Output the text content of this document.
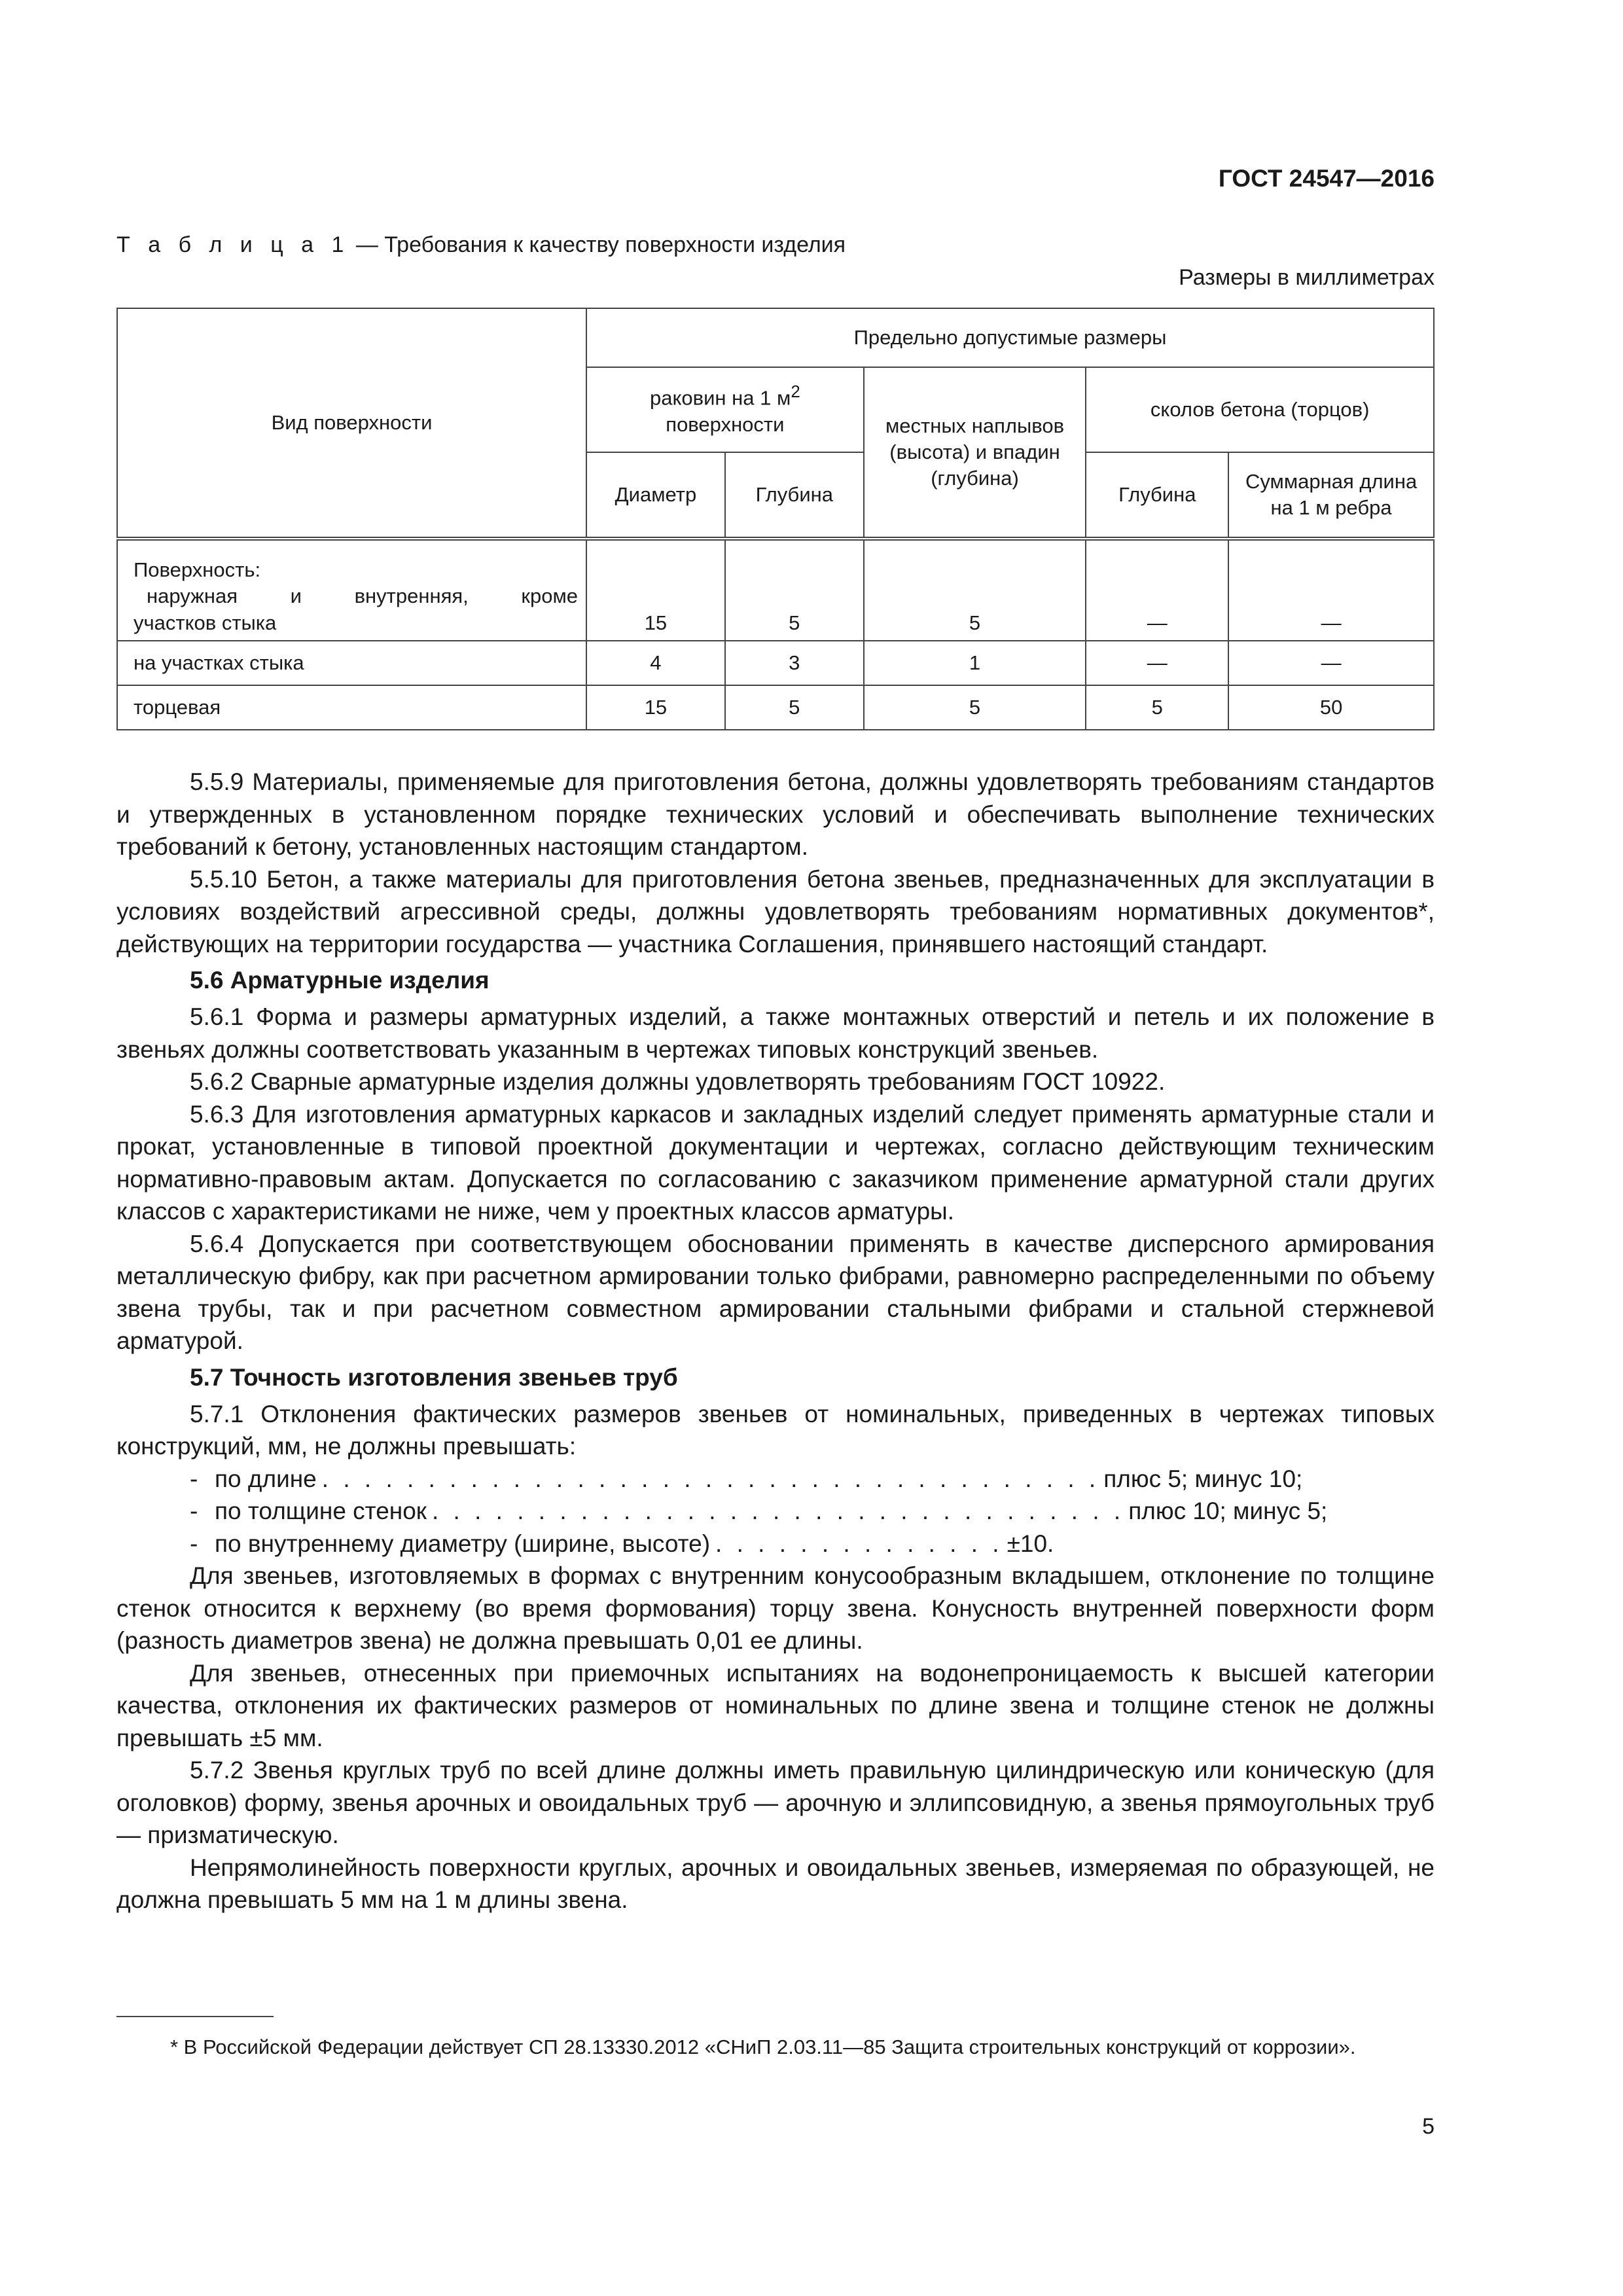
ГОСТ 24547—2016
Т а б л и ц а 1 — Требования к качеству поверхности изделия
Размеры в миллиметрах
Вид поверхности	Предельно допустимые размеры				
	раковин на 1 $м^2$
поверхности		местных наплывов (высота) и впадин (глубина)	сколов бетона (торцов)	
	Диаметр	Глубина		Глубина	Суммарная длина на 1 м ребра

Поверхность:
наружная и внутренняя, кроме
участков стыка	15	5	5	—	—
на участках стыка	4	3	1	—	—
торцевая	15	5	5	5	50

5.5.9 Материалы, применяемые для приготовления бетона, должны удовлетворять требованиям стандартов и утвержденных в установленном порядке технических условий и обеспечивать выполнение технических требований к бетону, установленных настоящим стандартом.

5.5.10 Бетон, а также материалы для приготовления бетона звеньев, предназначенных для эксплуатации в условиях воздействий агрессивной среды, должны удовлетворять требованиям нормативных документов*, действующих на территории государства — участника Соглашения, принявшего настоящий стандарт.

5.6 Арматурные изделия

5.6.1 Форма и размеры арматурных изделий, а также монтажных отверстий и петель и их положение в звеньях должны соответствовать указанным в чертежах типовых конструкций звеньев.

5.6.2 Сварные арматурные изделия должны удовлетворять требованиям ГОСТ 10922.

5.6.3 Для изготовления арматурных каркасов и закладных изделий следует применять арматурные стали и прокат, установленные в типовой проектной документации и чертежах, согласно действующим техническим нормативно-правовым актам. Допускается по согласованию с заказчиком применение арматурной стали других классов с характеристиками не ниже, чем у проектных классов арматуры.

5.6.4 Допускается при соответствующем обосновании применять в качестве дисперсного армирования металлическую фибру, как при расчетном армировании только фибрами, равномерно распределенными по объему звена трубы, так и при расчетном совместном армировании стальными фибрами и стальной стержневой арматурой.

5.7 Точность изготовления звеньев труб

5.7.1 Отклонения фактических размеров звеньев от номинальных, приведенных в чертежах типовых конструкций, мм, не должны превышать:

- по длине . . . . . . . . . . . . . . . . . . . . . . . . . . . . . . . . . . . . . плюс 5; минус 10;
- по толщине стенок . . . . . . . . . . . . . . . . . . . . . . . . . . . . . . . . . плюс 10; минус 5;
- по внутреннему диаметру (ширине, высоте) . . . . . . . . . . . . . . ±10.

Для звеньев, изготовляемых в формах с внутренним конусообразным вкладышем, отклонение по толщине стенок относится к верхнему (во время формования) торцу звена. Конусность внутренней поверхности форм (разность диаметров звена) не должна превышать 0,01 ее длины.

Для звеньев, отнесенных при приемочных испытаниях на водонепроницаемость к высшей категории качества, отклонения их фактических размеров от номинальных по длине звена и толщине стенок не должны превышать ±5 мм.

5.7.2 Звенья круглых труб по всей длине должны иметь правильную цилиндрическую или коническую (для оголовков) форму, звенья арочных и овоидальных труб — арочную и эллипсовидную, а звенья прямоугольных труб — призматическую.

Непрямолинейность поверхности круглых, арочных и овоидальных звеньев, измеряемая по образующей, не должна превышать 5 мм на 1 м длины звена.

* В Российской Федерации действует СП 28.13330.2012 «СНиП 2.03.11—85 Защита строительных конструкций от коррозии».
5
